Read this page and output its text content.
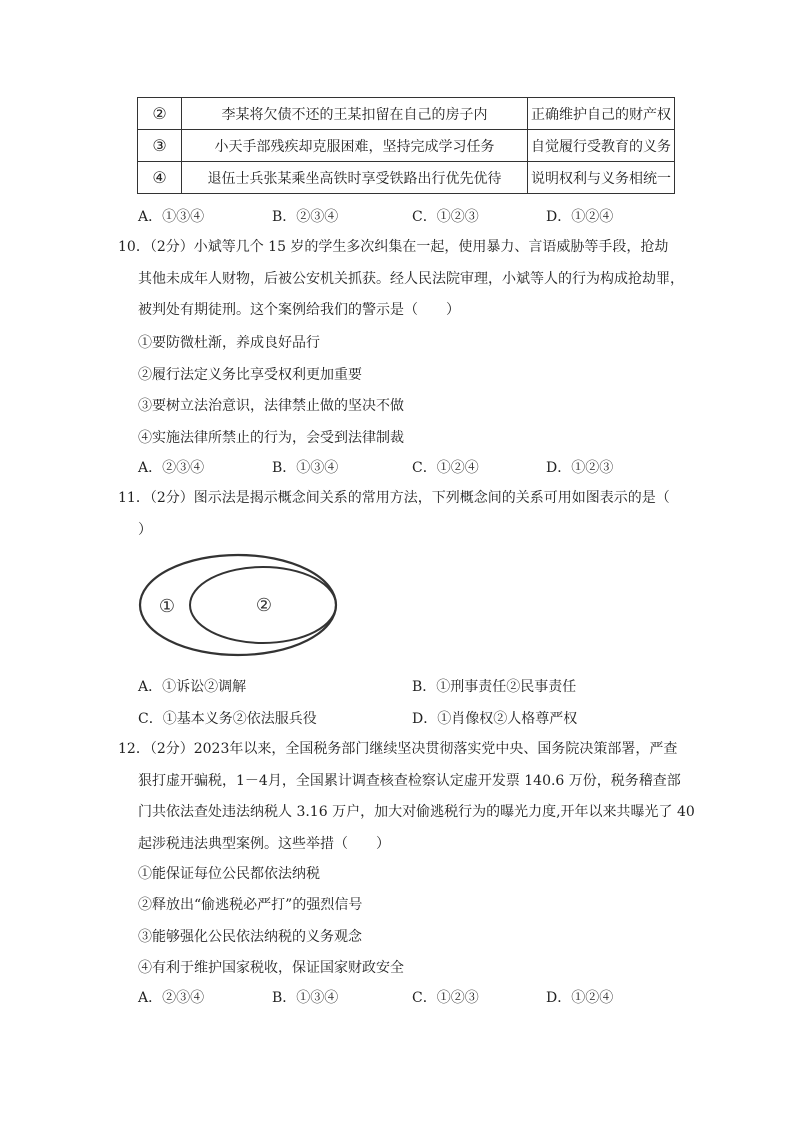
②	李某将欠债不还的王某扣留在自己的房子内	正确维护自己的财产权
③	小天手部残疾却克服困难，坚持完成学习任务	自觉履行受教育的义务
④	退伍士兵张某乘坐高铁时享受铁路出行优先优待	说明权利与义务相统一
A．①③④	B．②③④	C．①②③	D．①②④

10．（2分）小斌等几个 15 岁的学生多次纠集在一起，使用暴力、言语威胁等手段，抢劫

其他未成年人财物，后被公安机关抓获。经人民法院审理，小斌等人的行为构成抢劫罪，

被判处有期徒刑。这个案例给我们的警示是（　　）

①要防微杜渐，养成良好品行
②履行法定义务比享受权利更加重要
③要树立法治意识，法律禁止做的坚决不做
④实施法律所禁止的行为，会受到法律制裁
A．②③④	B．①③④	C．①②④	D．①②③

11．（2分）图示法是揭示概念间关系的常用方法，下列概念间的关系可用如图表示的是（

）

①	②
A．①诉讼②调解	B．①刑事责任②民事责任
C．①基本义务②依法服兵役	D．①肖像权②人格尊严权

12．（2分）2023年以来，全国税务部门继续坚决贯彻落实党中央、国务院决策部署，严查

狠打虚开骗税，1－4月，全国累计调查核查检察认定虚开发票 140.6 万份，税务稽查部

门共依法查处违法纳税人 3.16 万户，加大对偷逃税行为的曝光力度,开年以来共曝光了 40

起涉税违法典型案例。这些举措（　　）

①能保证每位公民都依法纳税
②释放出“偷逃税必严打”的强烈信号
③能够强化公民依法纳税的义务观念
④有利于维护国家税收，保证国家财政安全
A．②③④	B．①③④	C．①②③	D．①②④
